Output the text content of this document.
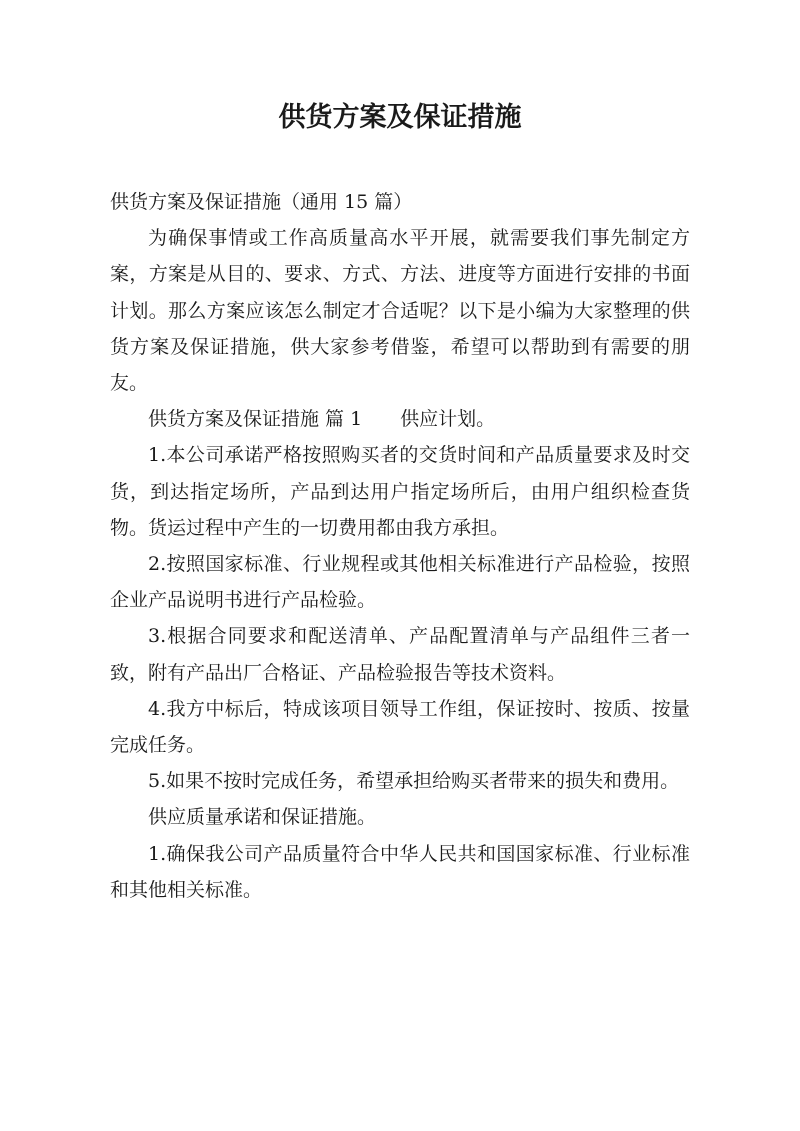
供货方案及保证措施

供货方案及保证措施（通用 15 篇）

为确保事情或工作高质量高水平开展，就需要我们事先制定方案，方案是从目的、要求、方式、方法、进度等方面进行安排的书面计划。那么方案应该怎么制定才合适呢？以下是小编为大家整理的供货方案及保证措施，供大家参考借鉴，希望可以帮助到有需要的朋友。

供货方案及保证措施 篇 1 供应计划。

1.本公司承诺严格按照购买者的交货时间和产品质量要求及时交货，到达指定场所，产品到达用户指定场所后，由用户组织检查货物。货运过程中产生的一切费用都由我方承担。

2.按照国家标准、行业规程或其他相关标准进行产品检验，按照企业产品说明书进行产品检验。

3.根据合同要求和配送清单、产品配置清单与产品组件三者一致，附有产品出厂合格证、产品检验报告等技术资料。

4.我方中标后，特成该项目领导工作组，保证按时、按质、按量完成任务。

5.如果不按时完成任务，希望承担给购买者带来的损失和费用。

供应质量承诺和保证措施。

1.确保我公司产品质量符合中华人民共和国国家标准、行业标准和其他相关标准。
